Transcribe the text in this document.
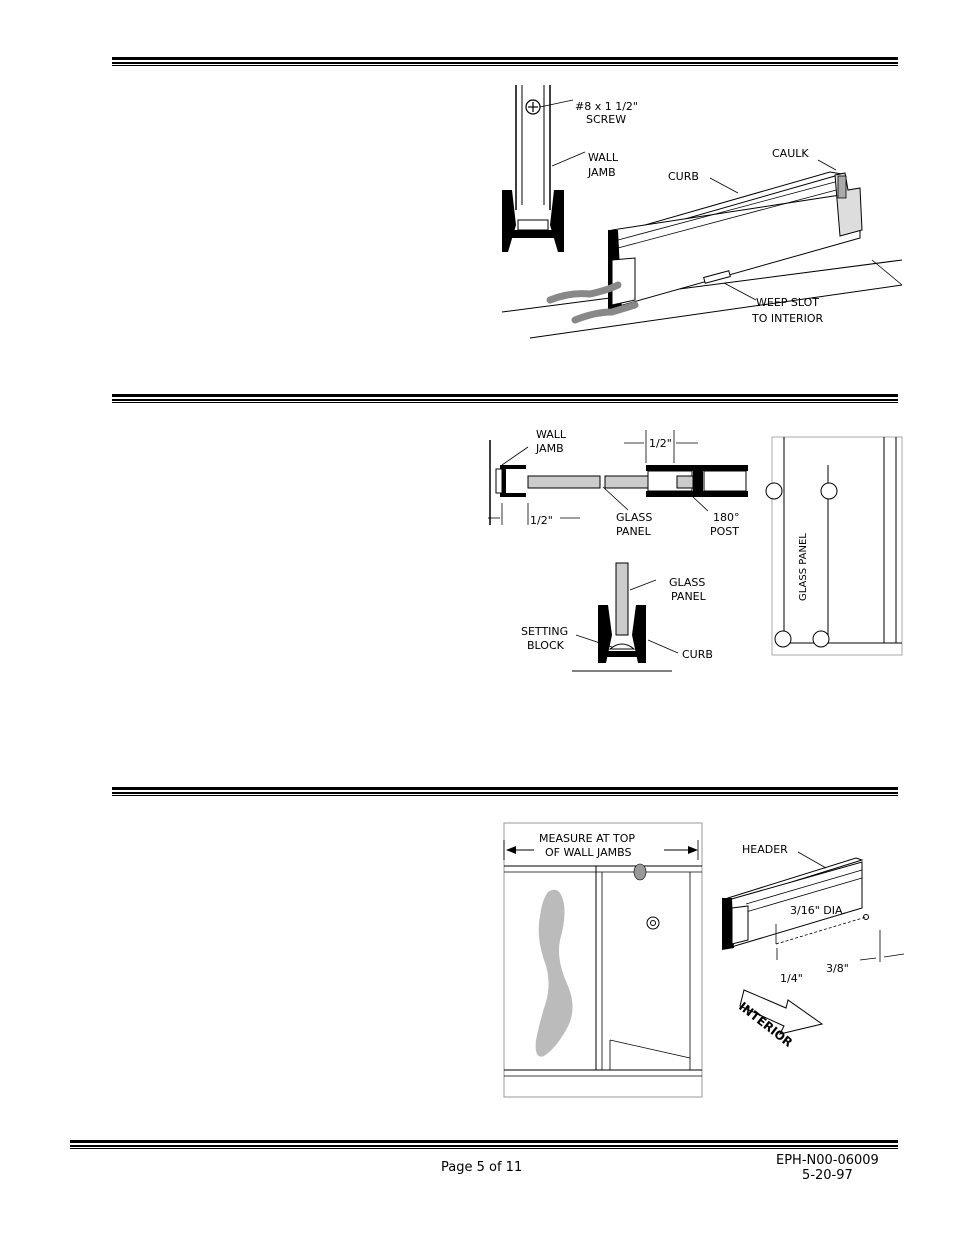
#8 x 1 1/2"
SCREW
WALL
JAMB	CURB
CAULK
WEEP SLOT
TO INTERIOR
WALL
JAMB	1/2"
1/2"	GLASS
PANEL
180°
POST
GLASS
PANEL
SETTING
BLOCK
CURB
GLASS PANEL
MEASURE AT TOP
OF WALL JAMBS	HEADER
3/16" DIA.
1/4"
3/8"
INTERIOR
Page 5 of 11	EPH-N00-06009
5-20-97
